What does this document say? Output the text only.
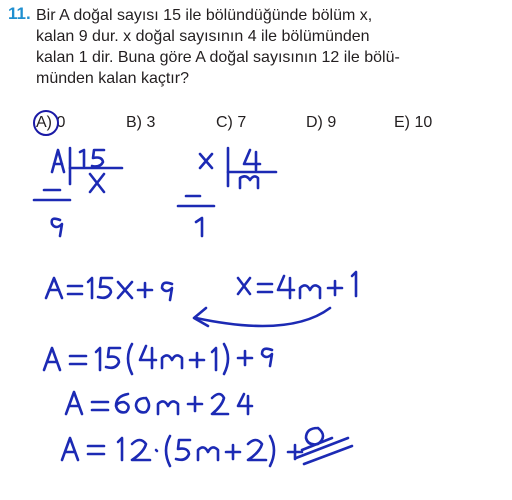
11. Bir A doğal sayısı 15 ile bölündüğünde bölüm x,
kalan 9 dur. x doğal sayısının 4 ile bölümünden
kalan 1 dir. Buna göre A doğal sayısının 12 ile bölü-
münden kalan kaçtır?
A) 0	B) 3	C) 7	D) 9	E) 10
